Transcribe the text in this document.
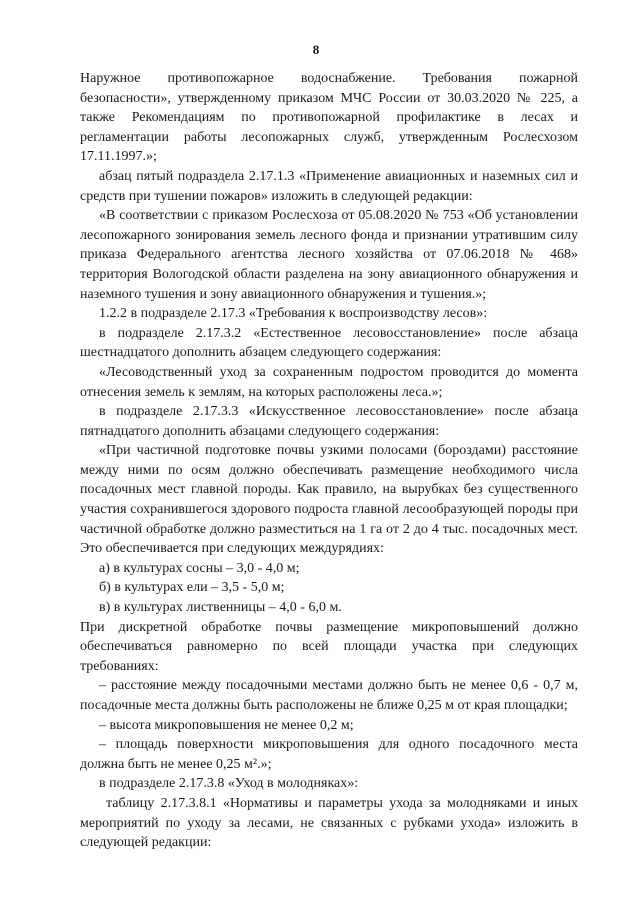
8

Наружное противопожарное водоснабжение. Требования пожарной безопасности», утвержденному приказом МЧС России от 30.03.2020 № 225, а также Рекомендациям по противопожарной профилактике в лесах и регламентации работы лесопожарных служб, утвержденным Рослесхозом 17.11.1997.»;

абзац пятый подраздела 2.17.1.3 «Применение авиационных и наземных сил и средств при тушении пожаров» изложить в следующей редакции:

«В соответствии с приказом Рослесхоза от 05.08.2020 № 753 «Об установлении лесопожарного зонирования земель лесного фонда и признании утратившим силу приказа Федерального агентства лесного хозяйства от 07.06.2018 № 468» территория Вологодской области разделена на зону авиационного обнаружения и наземного тушения и зону авиационного обнаружения и тушения.»;

1.2.2 в подразделе 2.17.3 «Требования к воспроизводству лесов»:

в подразделе 2.17.3.2 «Естественное лесовосстановление» после абзаца шестнадцатого дополнить абзацем следующего содержания:

«Лесоводственный уход за сохраненным подростом проводится до момента отнесения земель к землям, на которых расположены леса.»;

в подразделе 2.17.3.3 «Искусственное лесовосстановление» после абзаца пятнадцатого дополнить абзацами следующего содержания:

«При частичной подготовке почвы узкими полосами (бороздами) расстояние между ними по осям должно обеспечивать размещение необходимого числа посадочных мест главной породы. Как правило, на вырубках без существенного участия сохранившегося здорового подроста главной лесообразующей породы при частичной обработке должно разместиться на 1 га от 2 до 4 тыс. посадочных мест. Это обеспечивается при следующих междурядиях:

а) в культурах сосны – 3,0 - 4,0 м;

б) в культурах ели – 3,5 - 5,0 м;

в) в культурах лиственницы – 4,0 - 6,0 м.

При дискретной обработке почвы размещение микроповышений должно обеспечиваться равномерно по всей площади участка при следующих требованиях:

– расстояние между посадочными местами должно быть не менее 0,6 - 0,7 м, посадочные места должны быть расположены не ближе 0,25 м от края площадки;

– высота микроповышения не менее 0,2 м;

– площадь поверхности микроповышения для одного посадочного места должна быть не менее 0,25 м².»;

в подразделе 2.17.3.8 «Уход в молодняках»:

таблицу 2.17.3.8.1 «Нормативы и параметры ухода за молодняками и иных мероприятий по уходу за лесами, не связанных с рубками ухода» изложить в следующей редакции:
